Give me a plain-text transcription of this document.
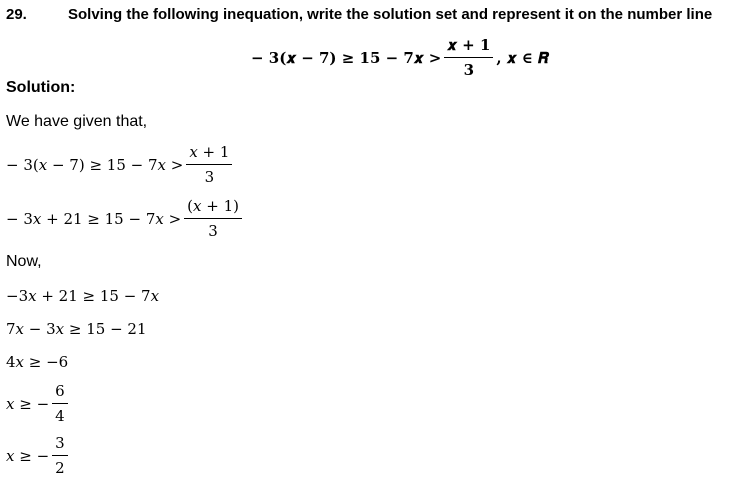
29.	Solving the following inequation, write the solution set and represent it on the number line
− 3(𝒙 − 7) ≥ 15 − 7𝒙 > $\frac{\text{𝒙 + 1}}{3}$ , 𝒙 ∈ 𝑹
Solution:
We have given that,
− 3(𝑥 − 7) ≥ 15 − 7𝑥 > $\frac{\text{𝑥 + 1}}{3}$
− 3𝑥 + 21 ≥ 15 − 7𝑥 > $\frac{\text{(𝑥 + 1)}}{3}$
Now,
−3𝑥 + 21 ≥ 15 − 7𝑥
7𝑥 − 3𝑥 ≥ 15 − 21
4𝑥 ≥ −6
𝑥 ≥ − $\frac{6}{4}$
𝑥 ≥ − $\frac{3}{2}$
